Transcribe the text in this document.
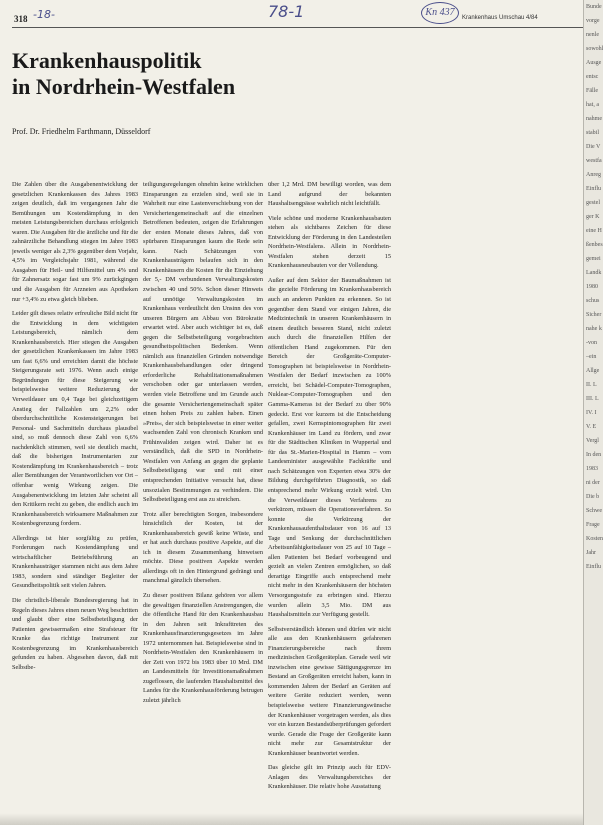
318 -18-	78-1	Kn 437	Krankenhaus Umschau 4/84
Krankenhauspolitik
in Nordrhein-Westfalen
Prof. Dr. Friedhelm Farthmann, Düsseldorf

Die Zahlen über die Ausgabenentwicklung der gesetzlichen Krankenkassen des Jahres 1983 zeigen deutlich, daß im vergangenen Jahr die Bemühungen um Kostendämpfung in den meisten Leistungsbereichen durchaus erfolgreich waren. Die Ausgaben für die ärztliche und für die zahnärztliche Behandlung stiegen im Jahre 1983 jeweils weniger als 2,3% gegenüber dem Vorjahr, 4,5% im Vergleichsjahr 1981, während die Ausgaben für Heil- und Hilfsmittel um 4% und für Zahnersatz sogar fast um 9% zurückgingen und die Ausgaben für Arzneien aus Apotheken nur +3,4% zu etwa gleich blieben.

Leider gilt dieses relativ erfreuliche Bild nicht für die Entwicklung in dem wichtigsten Leistungsbereich, nämlich dem Krankenhausbereich. Hier stiegen die Ausgaben der gesetzlichen Krankenkassen im Jahre 1983 um fast 6,6% und erreichten damit die höchste Steigerungsrate seit 1976. Wenn auch einige Begründungen für diese Steigerung wie beispielsweise weitere Reduzierung der Verweildauer um 0,4 Tage bei gleichzeitigem Anstieg der Fallzahlen um 2,2% oder überdurchschnittliche Kostensteigerungen bei Personal- und Sachmitteln durchaus plausibel sind, so muß dennoch diese Zahl von 6,6% nachdenklich stimmen, weil sie deutlich macht, daß die bisherigen Instrumentarien zur Kostendämpfung im Krankenhausbereich – trotz aller Bemühungen der Verantwortlichen vor Ort – offenbar wenig Wirkung zeigen. Die Ausgabenentwicklung im letzten Jahr scheint all den Kritikern recht zu geben, die endlich auch im Krankenhausbereich wirksamere Maßnahmen zur Kostenbegrenzung fordern.

Allerdings ist hier sorgfältig zu prüfen, Forderungen nach Kostendämpfung und wirtschaftlicher Betriebsführung an Krankenhausträger stammen nicht aus dem Jahre 1983, sondern sind ständiger Begleiter der Gesundheitspolitik seit vielen Jahren.

Die christlich-liberale Bundesregierung hat in Regeln dieses Jahres einen neuen Weg beschritten und glaubt über eine Selbstbeteiligung der Patienten gewissermaßen eine Strafsteuer für Kranke das richtige Instrument zur Kostenbegrenzung im Krankenhausbereich gefunden zu haben. Abgesehen davon, daß mit Selbstbe-

teiligungsregelungen ohnehin keine wirklichen Einsparungen zu erzielen sind, weil sie in Wahrheit nur eine Lastenverschiebung von der Versichertengemeinschaft auf die einzelnen Betroffenen bedeuten, zeigen die Erfahrungen der ersten Monate dieses Jahres, daß von spürbaren Einsparungen kaum die Rede sein kann. Nach Schätzungen von Krankenhausträgern belaufen sich in den Krankenhäusern die Kosten für die Einziehung der 5,- DM verbundenen Verwaltungskosten zwischen 40 und 50%. Schon dieser Hinweis auf unnötige Verwaltungskosten im Krankenhaus verdeutlicht den Unsinn des von unseren Bürgern am Abbau von Bürokratie erwartet wird. Aber auch wichtiger ist es, daß gegen die Selbstbeteiligung vorgebrachten gesundheitspolitischen Bedenken. Wenn nämlich aus finanziellen Gründen notwendige Krankenhausbehandlungen oder dringend erforderliche Rehabilitationsmaßnahmen verschoben oder gar unterlassen werden, werden viele Betroffene und im Grunde auch die gesamte Versichertengemeinschaft später einen hohen Preis zu zahlen haben. Einen »Preis«, der sich beispielsweise in einer weiter wachsenden Zahl von chronisch Kranken und Frühinvaliden zeigen wird. Daher ist es verständlich, daß die SPD in Nordrhein-Westfalen von Anfang an gegen die geplante Selbstbeteiligung war und mit einer entsprechenden Initiative versucht hat, diese unsozialen Bestimmungen zu verhindern. Die Selbstbeteiligung erst aus zu streichen.

Trotz aller berechtigten Sorgen, insbesondere hinsichtlich der Kosten, ist der Krankenhausbereich gewiß keine Wüste, und er hat auch durchaus positive Aspekte, auf die ich in diesem Zusammenhang hinweisen möchte. Diese positiven Aspekte werden allerdings oft in den Hintergrund gedrängt und manchmal gänzlich übersehen.

Zu dieser positiven Bilanz gehören vor allem die gewaltigen finanziellen Anstrengungen, die die öffentliche Hand für den Krankenhausbau in den Jahren seit Inkrafttreten des Krankenhausfinanzierungsgesetzes im Jahre 1972 unternommen hat. Beispielsweise sind in Nordrhein-Westfalen den Krankenhäusern in der Zeit von 1972 bis 1983 über 10 Mrd. DM an Landesmitteln für Investitionsmaßnahmen zugeflossen, die laufenden Haushaltsmittel des Landes für die Krankenhausförderung betrugen zuletzt jährlich

über 1,2 Mrd. DM bewilligt worden, was dem Land aufgrund der bekannten Haushaltsengpässe wahrlich nicht leichtfällt.

Viele schöne und moderne Krankenhausbauten stehen als sichtbares Zeichen für diese Entwicklung der Förderung in den Landesteilen Nordrhein-Westfalens. Allein in Nordrhein-Westfalen stehen derzeit 15 Krankenhausneubauten vor der Vollendung.

Außer auf dem Sektor der Baumaßnahmen ist die gezielte Förderung im Krankenhausbereich auch an anderen Punkten zu erkennen. So ist gegenüber dem Stand vor einigen Jahren, die Medizintechnik in unseren Krankenhäusern in einem deutlich besseren Stand, nicht zuletzt auch durch die finanziellen Hilfen der öffentlichen Hand zugekommen. Für den Bereich der Großgeräte-Computer-Tomographen ist beispielsweise in Nordrhein-Westfalen der Bedarf inzwischen zu 100% erreicht, bei Schädel-Computer-Tomographen, Nuklear-Computer-Tomographen und den Gamma-Kameras ist der Bedarf zu über 90% gedeckt. Erst vor kurzem ist die Entscheidung gefallen, zwei Kernspintomographen für zwei Krankenhäuser im Land zu fördern, und zwar für die Städtischen Kliniken in Wuppertal und für das St.-Marien-Hospital in Hamm – vom Landesminister ausgewählte Fachkräfte und nach Schätzungen von Experten etwa 30% der Bildung durchgeführten Diagnostik, so daß entsprechend mehr Wirkung erzielt wird. Um die Verweildauer dieses Verfahrens zu verkürzen, müssen die Operationsverfahren. So konnte die Verkürzung der Krankenhausaufenthaltsdauer von 16 auf 13 Tage und Senkung der durchschnittlichen Arbeitsunfähigkeitsdauer von 25 auf 10 Tage – allen Patienten bei Bedarf vorbeugend und gezielt an vielen Zentren ermöglichen, so daß derartige Eingriffe auch entsprechend mehr nicht mehr in den Krankenhäusern der höchsten Versorgungsstufe zu erbringen sind. Hierzu wurden allein 3,5 Mio. DM aus Haushaltsmitteln zur Verfügung gestellt.

Selbstverständlich können und dürfen wir nicht alle aus den Krankenhäusern gefahrenen Finanzierungsbereiche nach ihrem medizinischen Großgeräteplan. Gerade weil wir inzwischen eine gewisse Sättigungsgrenze im Bestand an Großgeräten erreicht haben, kann in kommenden Jahren der Bedarf an Geräten auf weitere Geräte reduziert werden, wenn beispielsweise weitere Finanzierungswünsche der Krankenhäuser vorgetragen werden, als dies vor ein kurzen Bestandsüberprüfungen gefordert wurde. Gerade die Frage der Großgeräte kann nicht mehr zur Gesamtstruktur der Krankenhäuser beantwortet werden.

Das gleiche gilt im Prinzip auch für EDV-Anlagen des Verwaltungsbereiches der Krankenhäuser. Die relativ hohe Ausstattung

Bunde
vorge
nenle
sowohl
Ausge
entsc
Fälle
hat, a
nahme
stabil
Die V
westfa
Anreg
Einflu
gestel
ger K
eine H
ßenbes
gemei
Landk
1980
schus
Sicher
nahe k
-von
–ein
Allge
II. L
III. L
IV. I
V. E
Vergl
In den
1983
ni der
Die b
Schwe
Frage
Kosten
Jahr
Einflu
